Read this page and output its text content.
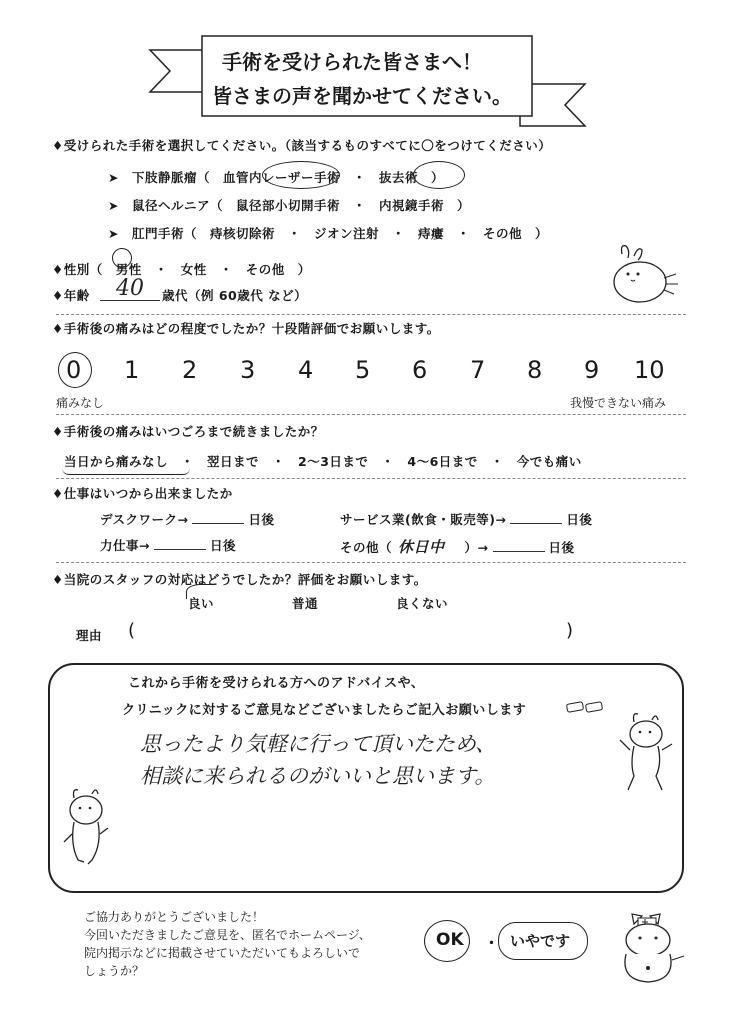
手術を受けられた皆さまへ！
皆さまの声を聞かせてください。
♦受けられた手術を選択してください。（該当するものすべてに〇をつけてください）
➤　下肢静脈瘤（　血管内レーザー手術　・　抜去術　）
➤　鼠径ヘルニア（　鼠径部小切開手術　・　内視鏡手術　）
➤　肛門手術（　痔核切除術　・　ジオン注射　・　痔瘻　・　その他　）
♦性別（　男性　・　女性　・　その他　）
♦年齢 40 歳代（例 60歳代 など）
♦手術後の痛みはどの程度でしたか？十段階評価でお願いします。
0 1 2 3 4 5 6 7 8 9 10
痛みなし	我慢できない痛み
♦手術後の痛みはいつごろまで続きましたか？
当日から痛みなし　・　翌日まで　・　2〜3日まで　・　4〜6日まで　・　今でも痛い
♦仕事はいつから出来ましたか
デスクワーク→	日後	サービス業(飲食・販売等)→	日後
力仕事→	日後	その他（ 休日中 ）→	日後
♦当院のスタッフの対応はどうでしたか？評価をお願いします。
良い	普通	良くない
理由 (	)
これから手術を受けられる方へのアドバイスや、
クリニックに対するご意見などございましたらご記入お願いします
思ったより気軽に行って頂いたため、
相談に来られるのがいいと思います。
ご協力ありがとうございました！
今回いただきましたご意見を、匿名でホームページ、
院内掲示などに掲載させていただいてもよろしいで
しょうか？
OK ・ いやです
